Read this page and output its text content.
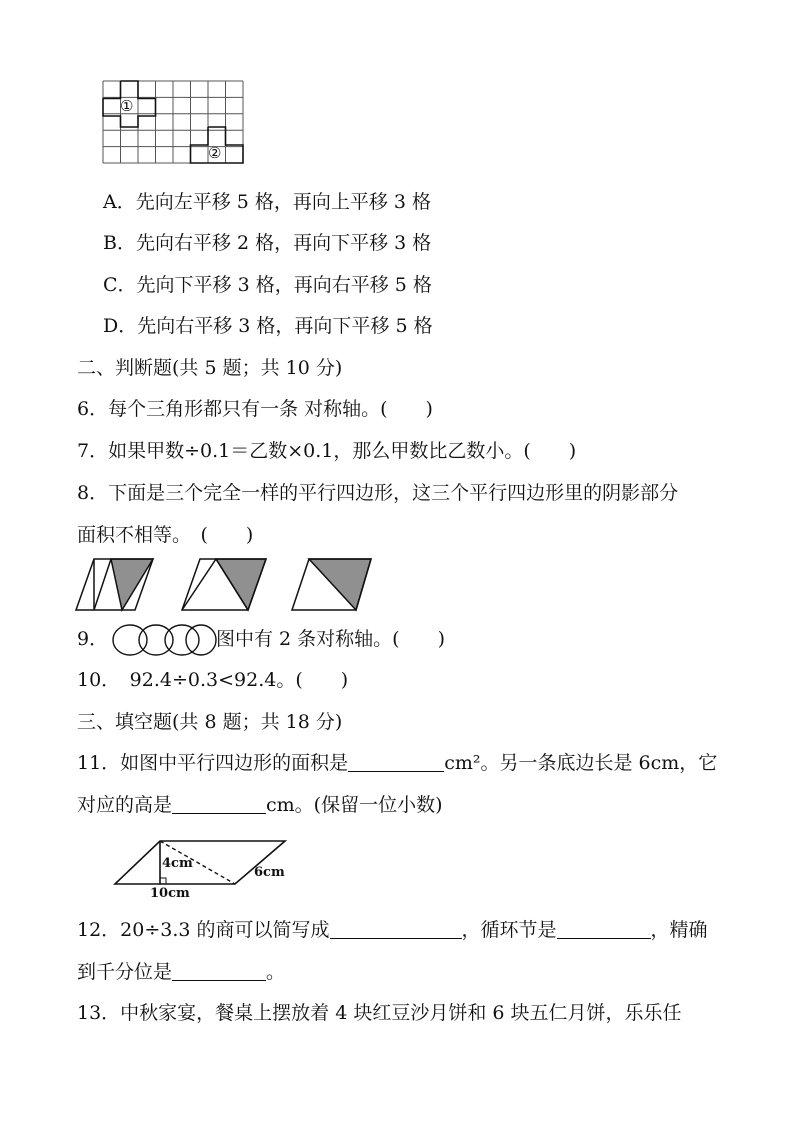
①
②
A．先向左平移 5 格，再向上平移 3 格
B．先向右平移 2 格，再向下平移 3 格
C．先向下平移 3 格，再向右平移 5 格
D．先向右平移 3 格，再向下平移 5 格
二、判断题(共 5 题；共 10 分)
6．每个三角形都只有一条 对称轴。(　　)
7．如果甲数÷0.1＝乙数×0.1，那么甲数比乙数小。(　　)
8．下面是三个完全一样的平行四边形，这三个平行四边形里的阴影部分
面积不相等。　(　　)
9．	图中有 2 条对称轴。(　　)
10．　92.4÷0.3<92.4。(　　)
三、填空题(共 8 题；共 18 分)
11．如图中平行四边形的面积是	cm²。另一条底边长是 6cm，它
对应的高是	cm。(保留一位小数)
4cm
10cm
6cm
12．20÷3.3 的商可以简写成	，循环节是	，精确
到千分位是	。
13．中秋家宴，餐桌上摆放着 4 块红豆沙月饼和 6 块五仁月饼，乐乐任
